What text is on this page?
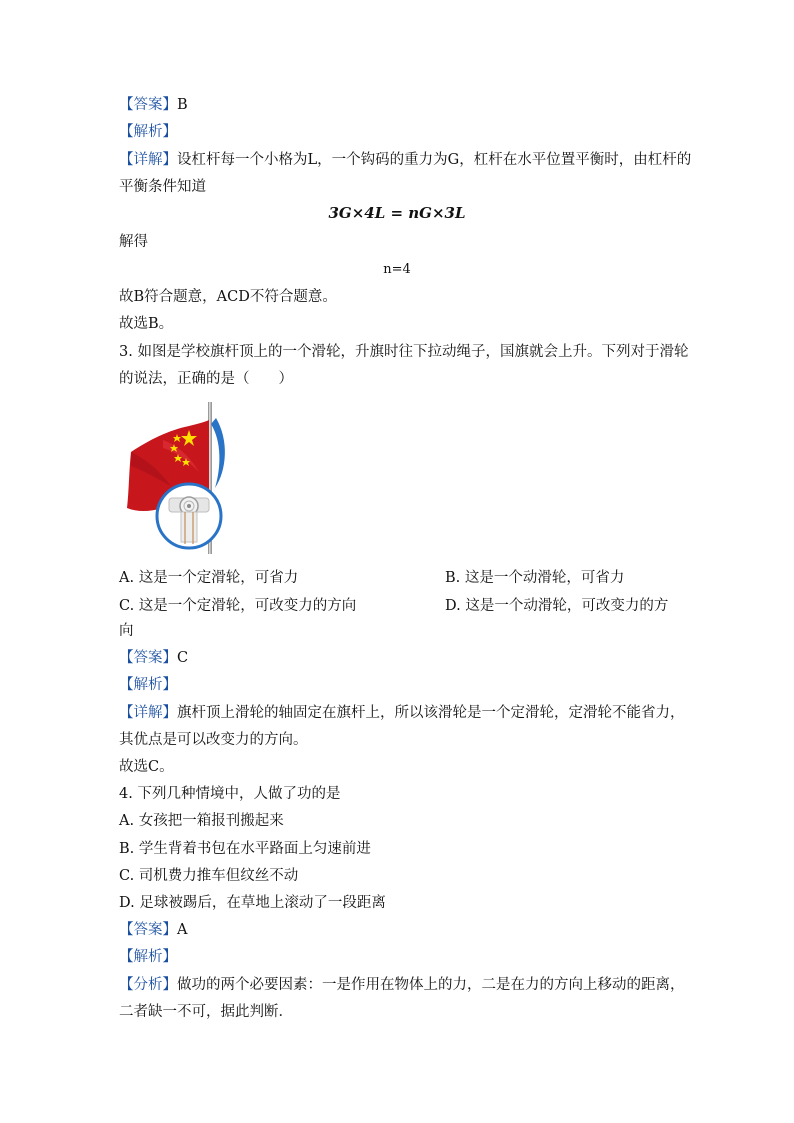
【答案】B
【解析】
【详解】设杠杆每一个小格为L，一个钩码的重力为G，杠杆在水平位置平衡时，由杠杆的
平衡条件知道
3G×4L = nG×3L
解得
n=4
故B符合题意，ACD不符合题意。
故选B。
3. 如图是学校旗杆顶上的一个滑轮，升旗时往下拉动绳子，国旗就会上升。下列对于滑轮
的说法，正确的是（　　）
A. 这是一个定滑轮，可省力	B. 这是一个动滑轮，可省力
C. 这是一个定滑轮，可改变力的方向	D. 这是一个动滑轮，可改变力的方
向
【答案】C
【解析】
【详解】旗杆顶上滑轮的轴固定在旗杆上，所以该滑轮是一个定滑轮，定滑轮不能省力，
其优点是可以改变力的方向。
故选C。
4. 下列几种情境中，人做了功的是
A. 女孩把一箱报刊搬起来
B. 学生背着书包在水平路面上匀速前进
C. 司机费力推车但纹丝不动
D. 足球被踢后，在草地上滚动了一段距离
【答案】A
【解析】
【分析】做功的两个必要因素：一是作用在物体上的力，二是在力的方向上移动的距离，
二者缺一不可，据此判断．
